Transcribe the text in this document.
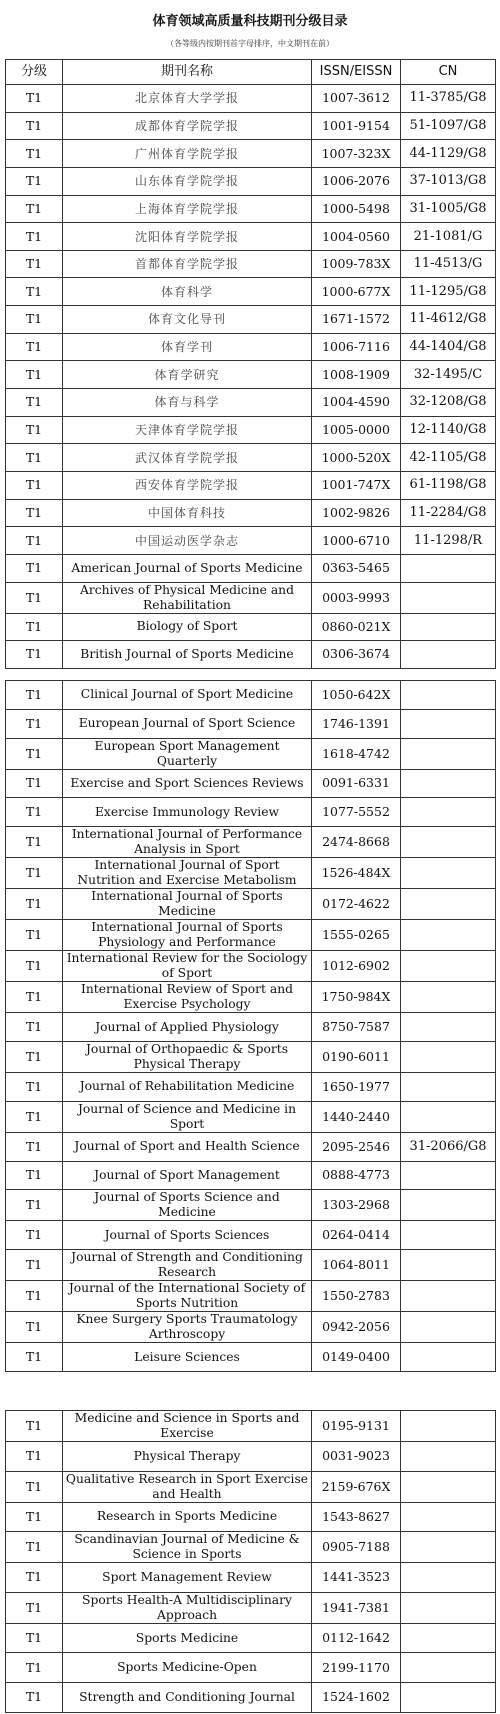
体育领域高质量科技期刊分级目录
（各等级内按期刊首字母排序，中文期刊在前）
分级	期刊名称	ISSN/EISSN	CN
T1	北京体育大学学报	1007-3612	11-3785/G8
T1	成都体育学院学报	1001-9154	51-1097/G8
T1	广州体育学院学报	1007-323X	44-1129/G8
T1	山东体育学院学报	1006-2076	37-1013/G8
T1	上海体育学院学报	1000-5498	31-1005/G8
T1	沈阳体育学院学报	1004-0560	21-1081/G
T1	首都体育学院学报	1009-783X	11-4513/G
T1	体育科学	1000-677X	11-1295/G8
T1	体育文化导刊	1671-1572	11-4612/G8
T1	体育学刊	1006-7116	44-1404/G8
T1	体育学研究	1008-1909	32-1495/C
T1	体育与科学	1004-4590	32-1208/G8
T1	天津体育学院学报	1005-0000	12-1140/G8
T1	武汉体育学院学报	1000-520X	42-1105/G8
T1	西安体育学院学报	1001-747X	61-1198/G8
T1	中国体育科技	1002-9826	11-2284/G8
T1	中国运动医学杂志	1000-6710	11-1298/R
T1	American Journal of Sports Medicine	0363-5465	
T1	Archives of Physical Medicine and Rehabilitation	0003-9993	
T1	Biology of Sport	0860-021X	
T1	British Journal of Sports Medicine	0306-3674	
T1	Clinical Journal of Sport Medicine	1050-642X	
T1	European Journal of Sport Science	1746-1391	
T1	European Sport Management Quarterly	1618-4742	
T1	Exercise and Sport Sciences Reviews	0091-6331	
T1	Exercise Immunology Review	1077-5552	
T1	International Journal of Performance Analysis in Sport	2474-8668	
T1	International Journal of Sport Nutrition and Exercise Metabolism	1526-484X	
T1	International Journal of Sports Medicine	0172-4622	
T1	International Journal of Sports Physiology and Performance	1555-0265	
T1	International Review for the Sociology of Sport	1012-6902	
T1	International Review of Sport and Exercise Psychology	1750-984X	
T1	Journal of Applied Physiology	8750-7587	
T1	Journal of Orthopaedic & Sports Physical Therapy	0190-6011	
T1	Journal of Rehabilitation Medicine	1650-1977	
T1	Journal of Science and Medicine in Sport	1440-2440	
T1	Journal of Sport and Health Science	2095-2546	31-2066/G8
T1	Journal of Sport Management	0888-4773	
T1	Journal of Sports Science and Medicine	1303-2968	
T1	Journal of Sports Sciences	0264-0414	
T1	Journal of Strength and Conditioning Research	1064-8011	
T1	Journal of the International Society of Sports Nutrition	1550-2783	
T1	Knee Surgery Sports Traumatology Arthroscopy	0942-2056	
T1	Leisure Sciences	0149-0400	
T1	Medicine and Science in Sports and Exercise	0195-9131	
T1	Physical Therapy	0031-9023	
T1	Qualitative Research in Sport Exercise and Health	2159-676X	
T1	Research in Sports Medicine	1543-8627	
T1	Scandinavian Journal of Medicine & Science in Sports	0905-7188	
T1	Sport Management Review	1441-3523	
T1	Sports Health-A Multidisciplinary Approach	1941-7381	
T1	Sports Medicine	0112-1642	
T1	Sports Medicine-Open	2199-1170	
T1	Strength and Conditioning Journal	1524-1602	
